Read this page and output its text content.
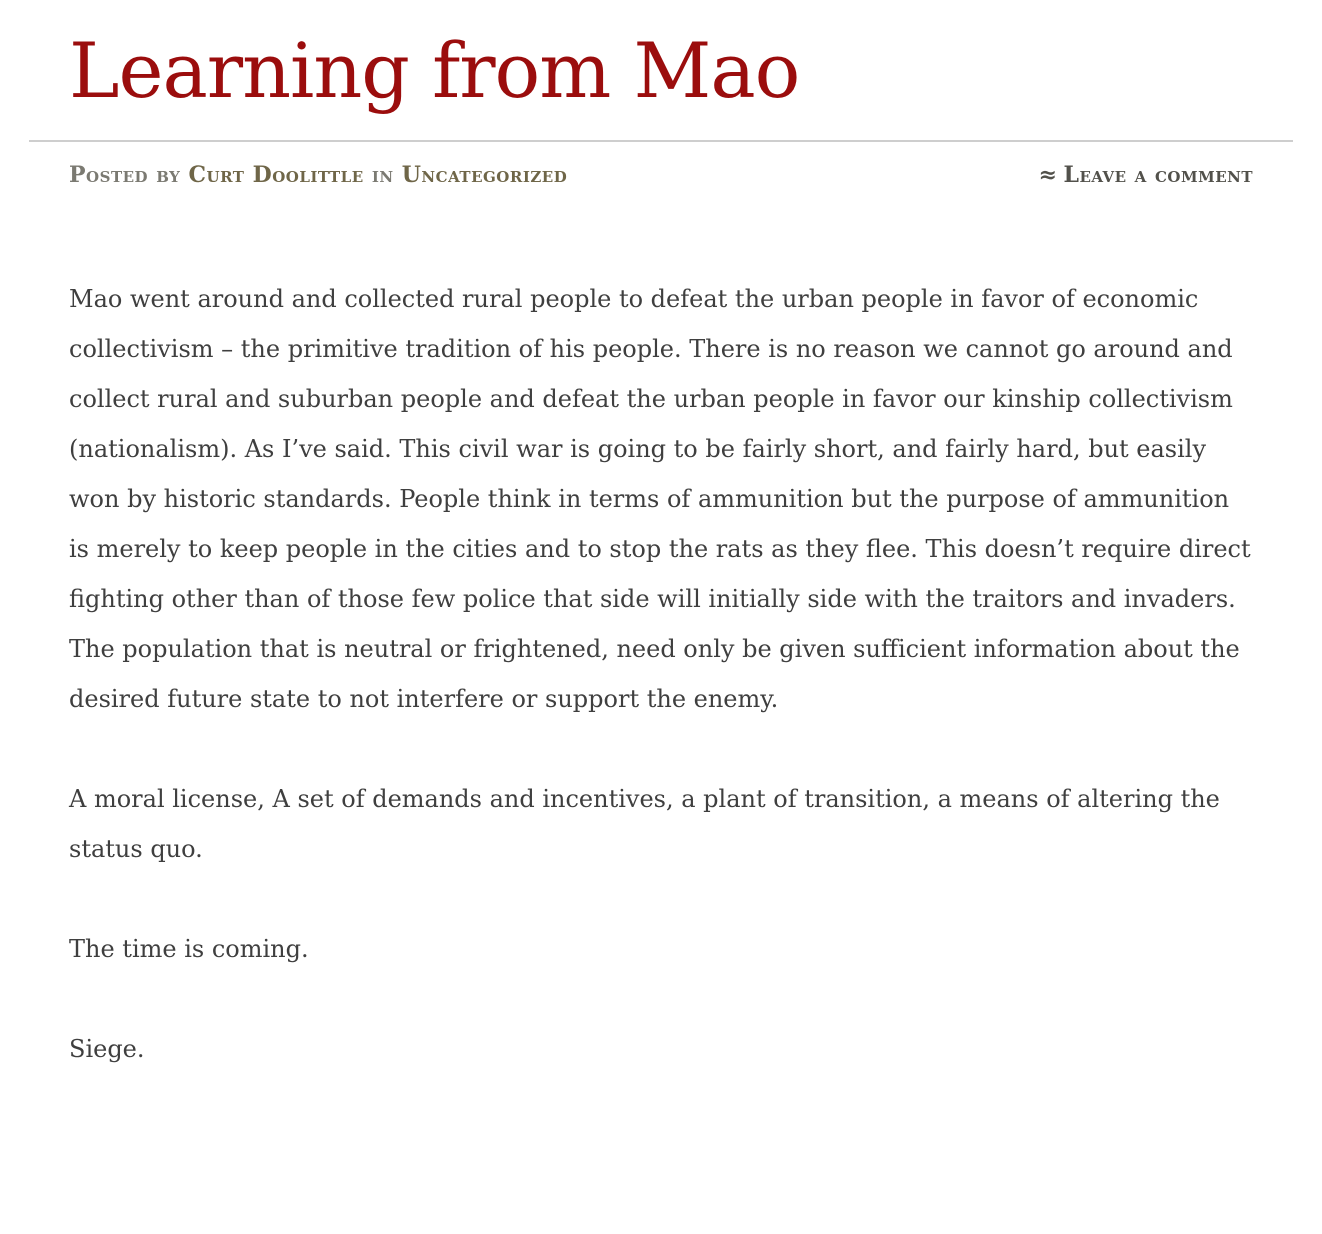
Learning from Mao
Posted by Curt Doolittle in Uncategorized	≈ Leave a comment

Mao went around and collected rural people to defeat the urban people in favor of economic collectivism – the primitive tradition of his people. There is no reason we cannot go around and collect rural and suburban people and defeat the urban people in favor our kinship collectivism (nationalism). As I’ve said. This civil war is going to be fairly short, and fairly hard, but easily won by historic standards. People think in terms of ammunition but the purpose of ammunition is merely to keep people in the cities and to stop the rats as they flee. This doesn’t require direct fighting other than of those few police that side will initially side with the traitors and invaders. The population that is neutral or frightened, need only be given sufficient information about the desired future state to not interfere or support the enemy.

A moral license, A set of demands and incentives, a plant of transition, a means of altering the status quo.

The time is coming.

Siege.
